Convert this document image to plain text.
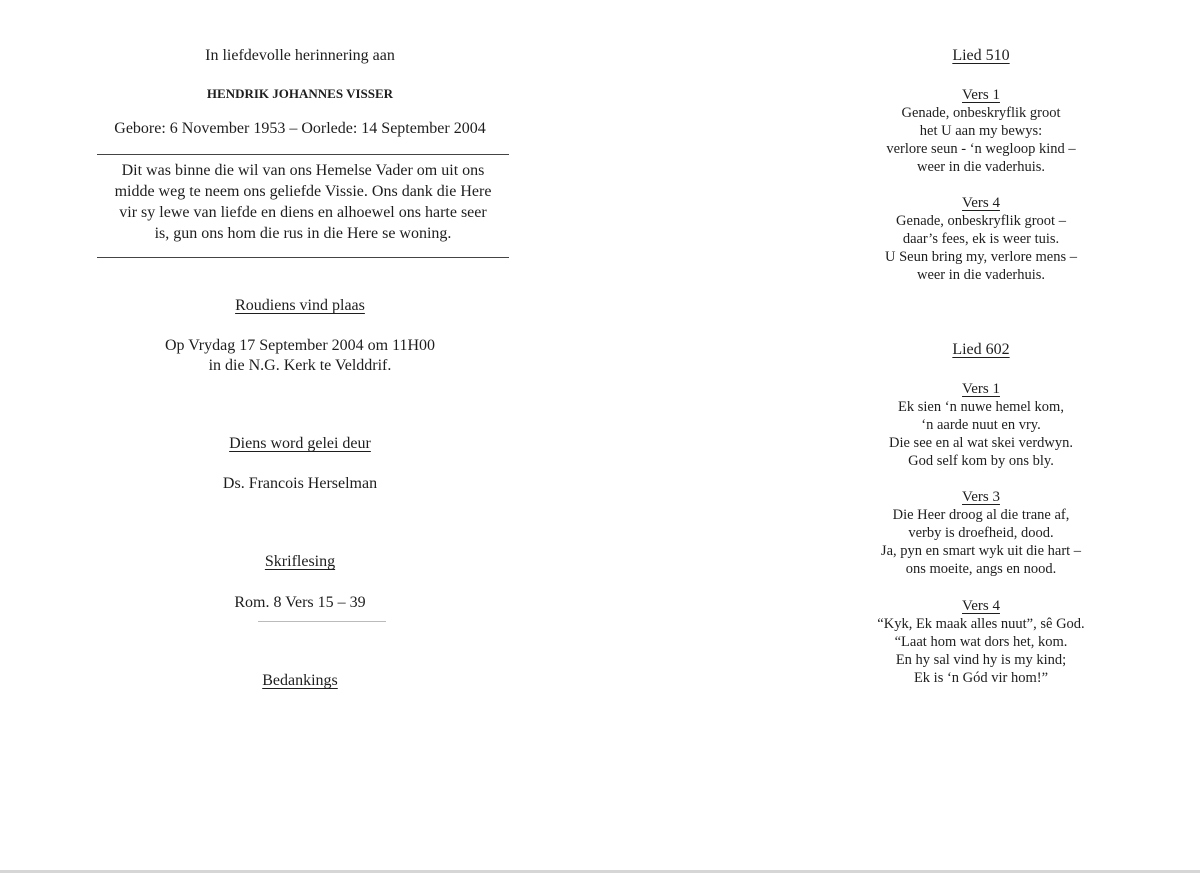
In liefdevolle herinnering aan
HENDRIK JOHANNES VISSER
Gebore: 6 November 1953 – Oorlede: 14 September 2004
Dit was binne die wil van ons Hemelse Vader om uit ons
midde weg te neem ons geliefde Vissie. Ons dank die Here
vir sy lewe van liefde en diens en alhoewel ons harte seer
is, gun ons hom die rus in die Here se woning.
Roudiens vind plaas
Op Vrydag 17 September 2004 om 11H00
in die N.G. Kerk te Velddrif.
Diens word gelei deur
Ds. Francois Herselman
Skriflesing
Rom. 8 Vers 15 – 39
Bedankings
Lied 510
Vers 1
Genade, onbeskryflik groot
het U aan my bewys:
verlore seun - ‘n wegloop kind –
weer in die vaderhuis.
Vers 4
Genade, onbeskryflik groot –
daar’s fees, ek is weer tuis.
U Seun bring my, verlore mens –
weer in die vaderhuis.
Lied 602
Vers 1
Ek sien ‘n nuwe hemel kom,
‘n aarde nuut en vry.
Die see en al wat skei verdwyn.
God self kom by ons bly.
Vers 3
Die Heer droog al die trane af,
verby is droefheid, dood.
Ja, pyn en smart wyk uit die hart –
ons moeite, angs en nood.
Vers 4
“Kyk, Ek maak alles nuut”, sê God.
“Laat hom wat dors het, kom.
En hy sal vind hy is my kind;
Ek is ‘n Gód vir hom!”
